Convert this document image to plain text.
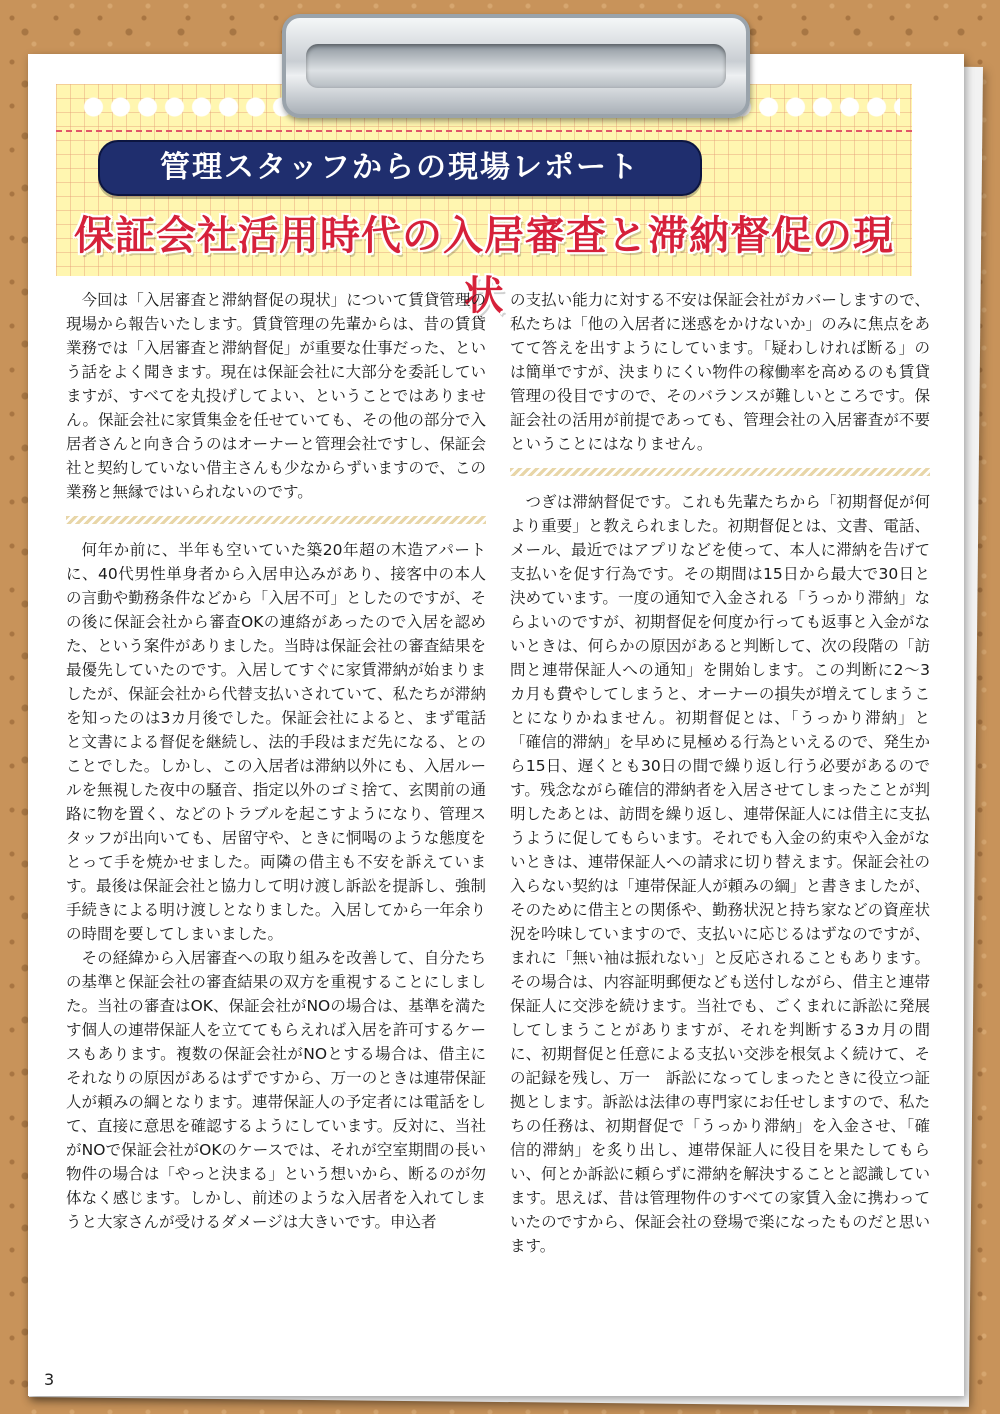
管理スタッフからの現場レポート
保証会社活用時代の入居審査と滞納督促の現状

今回は「入居審査と滞納督促の現状」について賃貸管理の現場から報告いたします。賃貸管理の先輩からは、昔の賃貸業務では「入居審査と滞納督促」が重要な仕事だった、という話をよく聞きます。現在は保証会社に大部分を委託していますが、すべてを丸投げしてよい、ということではありません。保証会社に家賃集金を任せていても、その他の部分で入居者さんと向き合うのはオーナーと管理会社ですし、保証会社と契約していない借主さんも少なからずいますので、この業務と無縁ではいられないのです。

何年か前に、半年も空いていた築20年超の木造アパートに、40代男性単身者から入居申込みがあり、接客中の本人の言動や勤務条件などから「入居不可」としたのですが、その後に保証会社から審査OKの連絡があったので入居を認めた、という案件がありました。当時は保証会社の審査結果を最優先していたのです。入居してすぐに家賃滞納が始まりましたが、保証会社から代替支払いされていて、私たちが滞納を知ったのは3カ月後でした。保証会社によると、まず電話と文書による督促を継続し、法的手段はまだ先になる、とのことでした。しかし、この入居者は滞納以外にも、入居ルールを無視した夜中の騒音、指定以外のゴミ捨て、玄関前の通路に物を置く、などのトラブルを起こすようになり、管理スタッフが出向いても、居留守や、ときに恫喝のような態度をとって手を焼かせました。両隣の借主も不安を訴えています。最後は保証会社と協力して明け渡し訴訟を提訴し、強制手続きによる明け渡しとなりました。入居してから一年余りの時間を要してしまいました。

その経緯から入居審査への取り組みを改善して、自分たちの基準と保証会社の審査結果の双方を重視することにしました。当社の審査はOK、保証会社がNOの場合は、基準を満たす個人の連帯保証人を立ててもらえれば入居を許可するケースもあります。複数の保証会社がNOとする場合は、借主にそれなりの原因があるはずですから、万一のときは連帯保証人が頼みの綱となります。連帯保証人の予定者には電話をして、直接に意思を確認するようにしています。反対に、当社がNOで保証会社がOKのケースでは、それが空室期間の長い物件の場合は「やっと決まる」という想いから、断るのが勿体なく感じます。しかし、前述のような入居者を入れてしまうと大家さんが受けるダメージは大きいです。申込者

の支払い能力に対する不安は保証会社がカバーしますので、私たちは「他の入居者に迷惑をかけないか」のみに焦点をあてて答えを出すようにしています。「疑わしければ断る」のは簡単ですが、決まりにくい物件の稼働率を高めるのも賃貸管理の役目ですので、そのバランスが難しいところです。保証会社の活用が前提であっても、管理会社の入居審査が不要ということにはなりません。

つぎは滞納督促です。これも先輩たちから「初期督促が何より重要」と教えられました。初期督促とは、文書、電話、メール、最近ではアプリなどを使って、本人に滞納を告げて支払いを促す行為です。その期間は15日から最大で30日と決めています。一度の通知で入金される「うっかり滞納」ならよいのですが、初期督促を何度か行っても返事と入金がないときは、何らかの原因があると判断して、次の段階の「訪問と連帯保証人への通知」を開始します。この判断に2〜3カ月も費やしてしまうと、オーナーの損失が増えてしまうことになりかねません。初期督促とは、「うっかり滞納」と「確信的滞納」を早めに見極める行為といえるので、発生から15日、遅くとも30日の間で繰り返し行う必要があるのです。残念ながら確信的滞納者を入居させてしまったことが判明したあとは、訪問を繰り返し、連帯保証人には借主に支払うように促してもらいます。それでも入金の約束や入金がないときは、連帯保証人への請求に切り替えます。保証会社の入らない契約は「連帯保証人が頼みの綱」と書きましたが、そのために借主との関係や、勤務状況と持ち家などの資産状況を吟味していますので、支払いに応じるはずなのですが、まれに「無い袖は振れない」と反応されることもあります。その場合は、内容証明郵便なども送付しながら、借主と連帯保証人に交渉を続けます。当社でも、ごくまれに訴訟に発展してしまうことがありますが、それを判断する3カ月の間に、初期督促と任意による支払い交渉を根気よく続けて、その記録を残し、万一　訴訟になってしまったときに役立つ証拠とします。訴訟は法律の専門家にお任せしますので、私たちの任務は、初期督促で「うっかり滞納」を入金させ、「確信的滞納」を炙り出し、連帯保証人に役目を果たしてもらい、何とか訴訟に頼らずに滞納を解決することと認識しています。思えば、昔は管理物件のすべての家賃入金に携わっていたのですから、保証会社の登場で楽になったものだと思います。

3
